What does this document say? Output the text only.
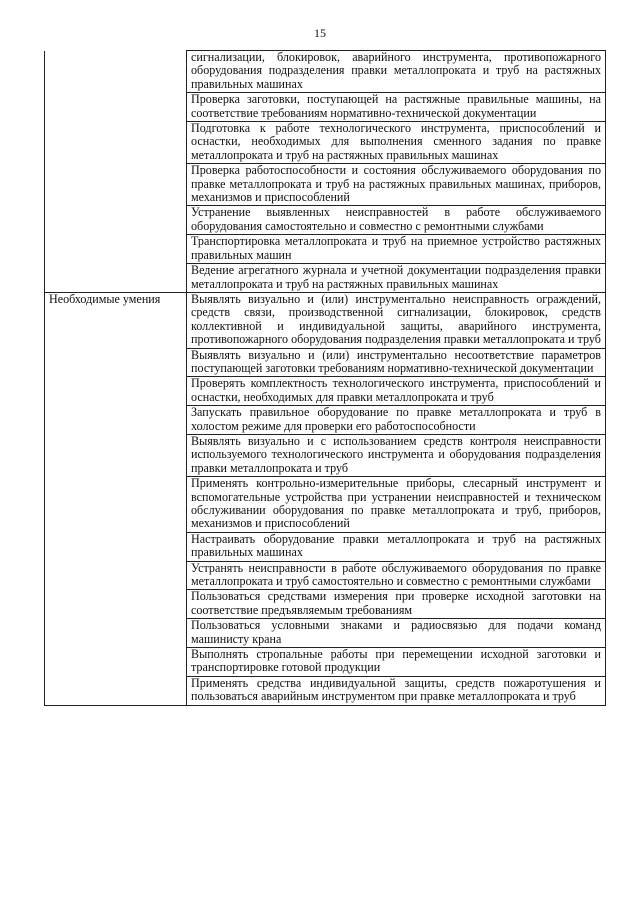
15
	сигнализации, блокировок, аварийного инструмента, противопожарного оборудования подразделения правки металлопроката и труб на растяжных правильных машинах
	Проверка заготовки, поступающей на растяжные правильные машины, на соответствие требованиям нормативно-технической документации
	Подготовка к работе технологического инструмента, приспособлений и оснастки, необходимых для выполнения сменного задания по правке металлопроката и труб на растяжных правильных машинах
	Проверка работоспособности и состояния обслуживаемого оборудования по правке металлопроката и труб на растяжных правильных машинах, приборов, механизмов и приспособлений
	Устранение выявленных неисправностей в работе обслуживаемого оборудования самостоятельно и совместно с ремонтными службами
	Транспортировка металлопроката и труб на приемное устройство растяжных правильных машин
	Ведение агрегатного журнала и учетной документации подразделения правки металлопроката и труб на растяжных правильных машинах
Необходимые умения	Выявлять визуально и (или) инструментально неисправность ограждений, средств связи, производственной сигнализации, блокировок, средств коллективной и индивидуальной защиты, аварийного инструмента, противопожарного оборудования подразделения правки металлопроката и труб
	Выявлять визуально и (или) инструментально несоответствие параметров поступающей заготовки требованиям нормативно-технической документации
	Проверять комплектность технологического инструмента, приспособлений и оснастки, необходимых для правки металлопроката и труб
	Запускать правильное оборудование по правке металлопроката и труб в холостом режиме для проверки его работоспособности
	Выявлять визуально и с использованием средств контроля неисправности используемого технологического инструмента и оборудования подразделения правки металлопроката и труб
	Применять контрольно-измерительные приборы, слесарный инструмент и вспомогательные устройства при устранении неисправностей и техническом обслуживании оборудования по правке металлопроката и труб, приборов, механизмов и приспособлений
	Настраивать оборудование правки металлопроката и труб на растяжных правильных машинах
	Устранять неисправности в работе обслуживаемого оборудования по правке металлопроката и труб самостоятельно и совместно с ремонтными службами
	Пользоваться средствами измерения при проверке исходной заготовки на соответствие предъявляемым требованиям
	Пользоваться условными знаками и радиосвязью для подачи команд машинисту крана
	Выполнять стропальные работы при перемещении исходной заготовки и транспортировке готовой продукции
	Применять средства индивидуальной защиты, средств пожаротушения и пользоваться аварийным инструментом при правке металлопроката и труб
